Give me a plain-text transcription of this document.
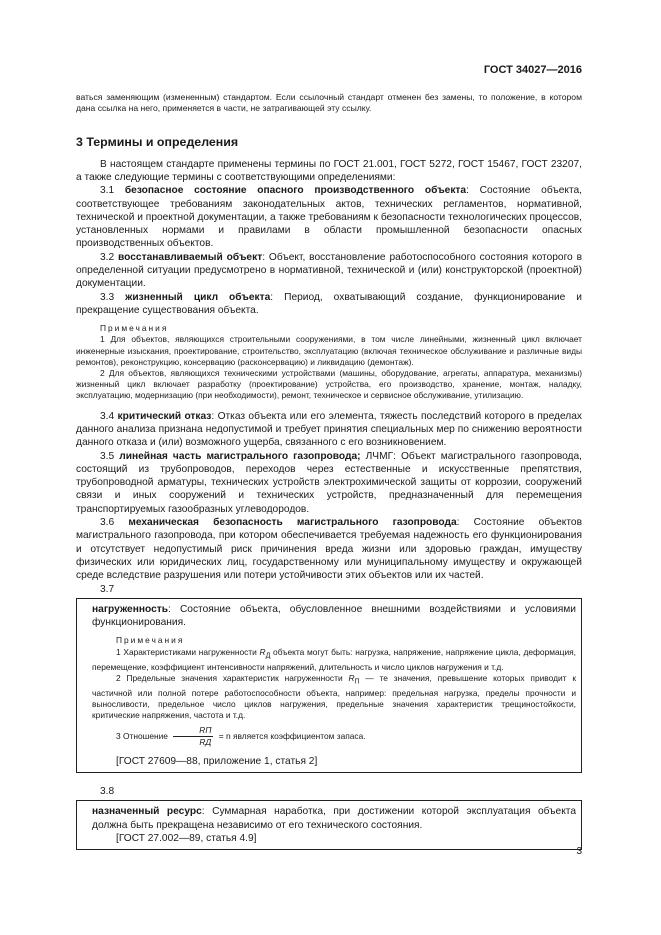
ГОСТ 34027—2016

ваться заменяющим (измененным) стандартом. Если ссылочный стандарт отменен без замены, то положение, в котором дана ссылка на него, применяется в части, не затрагивающей эту ссылку.

3 Термины и определения

В настоящем стандарте применены термины по ГОСТ 21.001, ГОСТ 5272, ГОСТ 15467, ГОСТ 23207, а также следующие термины с соответствующими определениями:

3.1 безопасное состояние опасного производственного объекта: Состояние объекта, соответствующее требованиям законодательных актов, технических регламентов, нормативной, технической и проектной документации, а также требованиям к безопасности технологических процессов, установленных нормами и правилами в области промышленной безопасности опасных производственных объектов.

3.2 восстанавливаемый объект: Объект, восстановление работоспособного состояния которого в определенной ситуации предусмотрено в нормативной, технической и (или) конструкторской (проектной) документации.

3.3 жизненный цикл объекта: Период, охватывающий создание, функционирование и прекращение существования объекта.

Примечания

1 Для объектов, являющихся строительными сооружениями, в том числе линейными, жизненный цикл включает инженерные изыскания, проектирование, строительство, эксплуатацию (включая техническое обслуживание и различные виды ремонтов), реконструкцию, консервацию (расконсервацию) и ликвидацию (демонтаж).

2 Для объектов, являющихся техническими устройствами (машины, оборудование, агрегаты, аппаратура, механизмы) жизненный цикл включает разработку (проектирование) устройства, его производство, хранение, монтаж, наладку, эксплуатацию, модернизацию (при необходимости), ремонт, техническое и сервисное обслуживание, утилизацию.

3.4 критический отказ: Отказ объекта или его элемента, тяжесть последствий которого в пределах данного анализа признана недопустимой и требует принятия специальных мер по снижению вероятности данного отказа и (или) возможного ущерба, связанного с его возникновением.

3.5 линейная часть магистрального газопровода; ЛЧМГ: Объект магистрального газопровода, состоящий из трубопроводов, переходов через естественные и искусственные препятствия, трубопроводной арматуры, технических устройств электрохимической защиты от коррозии, сооружений связи и иных сооружений и технических устройств, предназначенный для перемещения транспортируемых газообразных углеводородов.

3.6 механическая безопасность магистрального газопровода: Состояние объектов магистрального газопровода, при котором обеспечивается требуемая надежность его функционирования и отсутствует недопустимый риск причинения вреда жизни или здоровью граждан, имуществу физических или юридических лиц, государственному или муниципальному имуществу и окружающей среде вследствие разрушения или потери устойчивости этих объектов или их частей.

3.7

нагруженность: Состояние объекта, обусловленное внешними воздействиями и условиями функционирования.

Примечания

1 Характеристиками нагруженности $R_Д$ объекта могут быть: нагрузка, напряжение, напряжение цикла, деформация, перемещение, коэффициент интенсивности напряжений, длительность и число циклов нагружения и т.д.

2 Предельные значения характеристик нагруженности $R_П$ — те значения, превышение которых приводит к частичной или полной потере работоспособности объекта, например: предельная нагрузка, пределы прочности и выносливости, предельное число циклов нагружения, предельные значения характеристик трещиностойкости, критические напряжения, частота и т.д.

3 Отношение $\frac{RП}{RД} = n$ является коэффициентом запаса.

[ГОСТ 27609—88, приложение 1, статья 2]

3.8

назначенный ресурс: Суммарная наработка, при достижении которой эксплуатация объекта должна быть прекращена независимо от его технического состояния.

[ГОСТ 27.002—89, статья 4.9]

3
